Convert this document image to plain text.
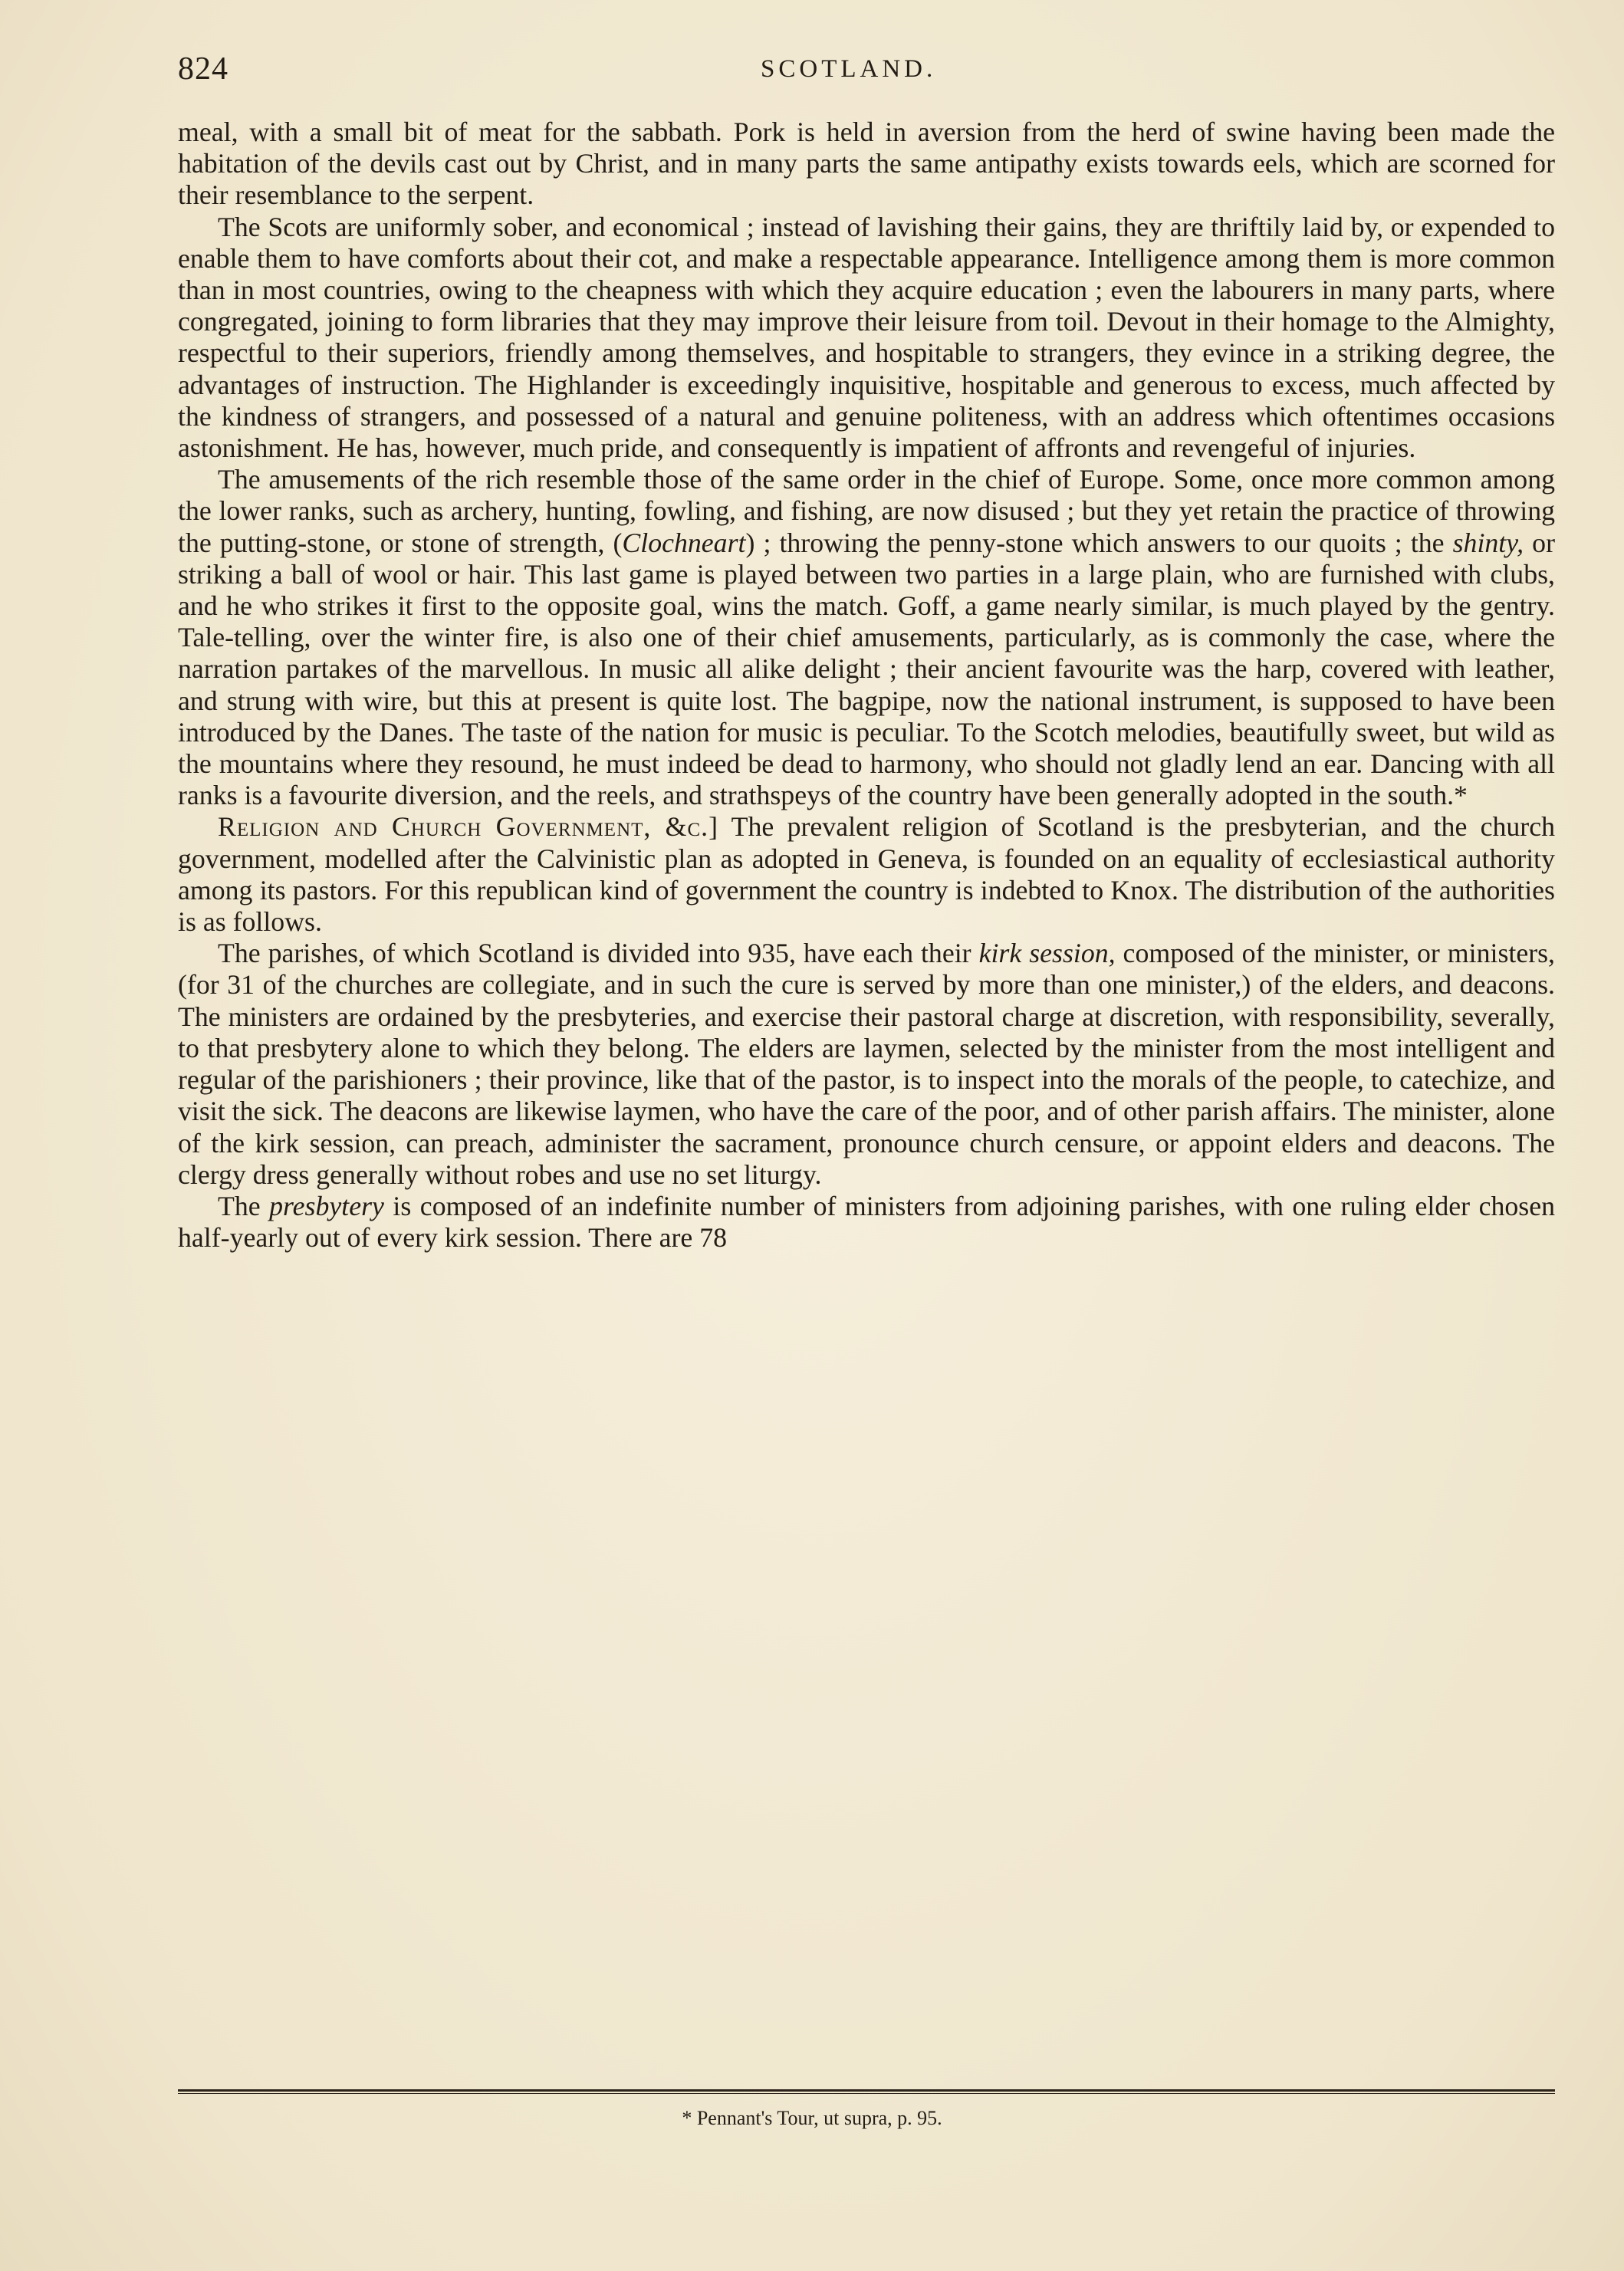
824	SCOTLAND.

meal, with a small bit of meat for the sabbath. Pork is held in aversion from the herd of swine having been made the habitation of the devils cast out by Christ, and in many parts the same antipathy exists towards eels, which are scorned for their resemblance to the serpent.

The Scots are uniformly sober, and economical ; instead of lavishing their gains, they are thriftily laid by, or expended to enable them to have comforts about their cot, and make a respectable appearance. Intelligence among them is more common than in most countries, owing to the cheapness with which they acquire education ; even the labourers in many parts, where congregated, joining to form libraries that they may improve their leisure from toil. Devout in their homage to the Almighty, respectful to their superiors, friendly among themselves, and hospitable to strangers, they evince in a striking degree, the advantages of instruction. The Highlander is exceedingly inquisitive, hospitable and generous to excess, much affected by the kindness of strangers, and possessed of a natural and genuine politeness, with an address which oftentimes occasions astonishment. He has, however, much pride, and consequently is impatient of affronts and revengeful of injuries.

The amusements of the rich resemble those of the same order in the chief of Europe. Some, once more common among the lower ranks, such as archery, hunting, fowling, and fishing, are now disused ; but they yet retain the practice of throwing the putting-stone, or stone of strength, (Clochneart) ; throwing the penny-stone which answers to our quoits ; the shinty, or striking a ball of wool or hair. This last game is played between two parties in a large plain, who are furnished with clubs, and he who strikes it first to the opposite goal, wins the match. Goff, a game nearly similar, is much played by the gentry. Tale-telling, over the winter fire, is also one of their chief amusements, particularly, as is commonly the case, where the narration partakes of the marvellous. In music all alike delight ; their ancient favourite was the harp, covered with leather, and strung with wire, but this at present is quite lost. The bagpipe, now the national instrument, is supposed to have been introduced by the Danes. The taste of the nation for music is peculiar. To the Scotch melodies, beautifully sweet, but wild as the mountains where they resound, he must indeed be dead to harmony, who should not gladly lend an ear. Dancing with all ranks is a favourite diversion, and the reels, and strathspeys of the country have been generally adopted in the south.*

Religion and Church Government, &c.] The prevalent religion of Scotland is the presbyterian, and the church government, modelled after the Calvinistic plan as adopted in Geneva, is founded on an equality of ecclesiastical authority among its pastors. For this republican kind of government the country is indebted to Knox. The distribution of the authorities is as follows.

The parishes, of which Scotland is divided into 935, have each their kirk session, composed of the minister, or ministers, (for 31 of the churches are collegiate, and in such the cure is served by more than one minister,) of the elders, and deacons. The ministers are ordained by the presbyteries, and exercise their pastoral charge at discretion, with responsibility, severally, to that presbytery alone to which they belong. The elders are laymen, selected by the minister from the most intelligent and regular of the parishioners ; their province, like that of the pastor, is to inspect into the morals of the people, to catechize, and visit the sick. The deacons are likewise laymen, who have the care of the poor, and of other parish affairs. The minister, alone of the kirk session, can preach, administer the sacrament, pronounce church censure, or appoint elders and deacons. The clergy dress generally without robes and use no set liturgy.

The presbytery is composed of an indefinite number of ministers from adjoining parishes, with one ruling elder chosen half-yearly out of every kirk session. There are 78

* Pennant's Tour, ut supra, p. 95.
